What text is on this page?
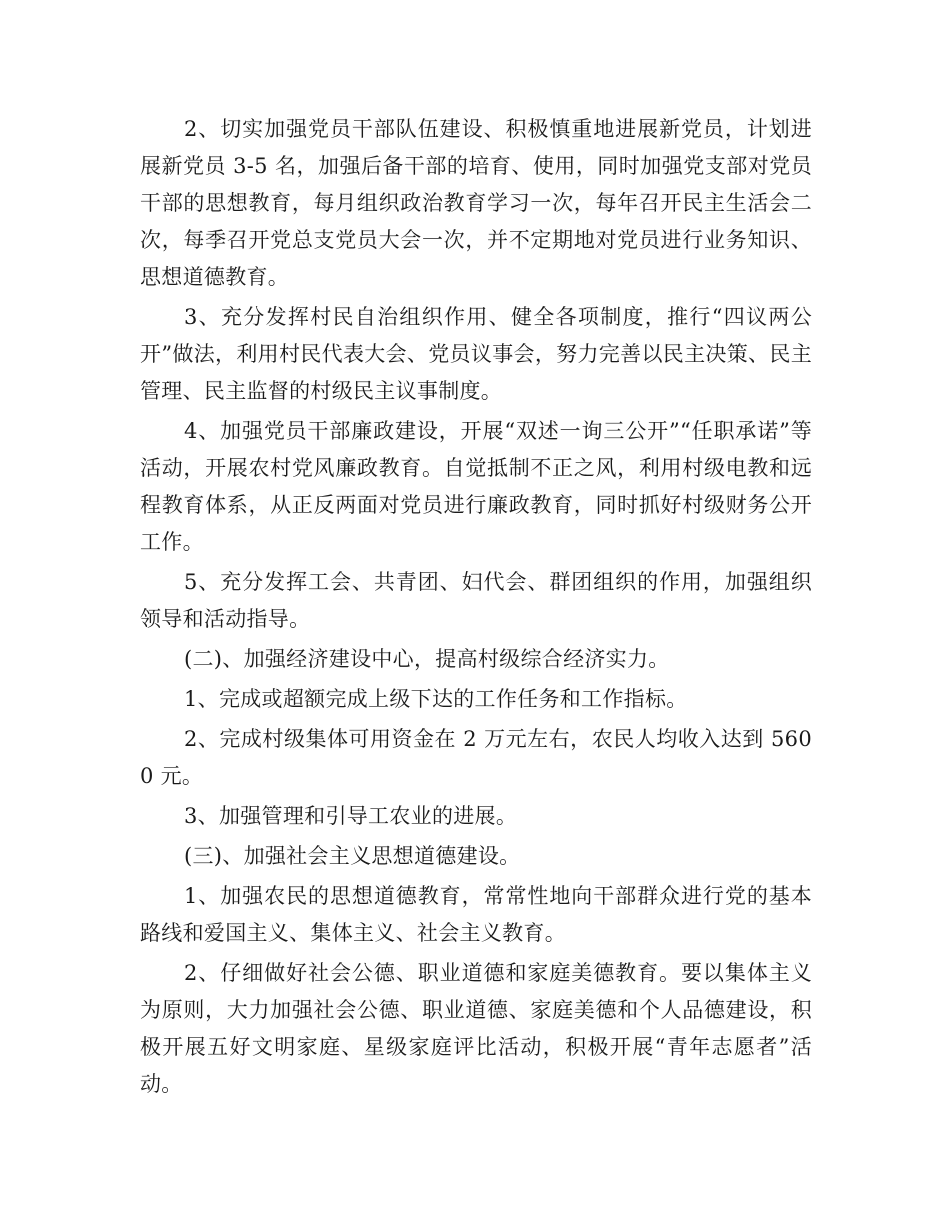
2、切实加强党员干部队伍建设、积极慎重地进展新党员，计划进展新党员 3-5 名，加强后备干部的培育、使用，同时加强党支部对党员干部的思想教育，每月组织政治教育学习一次，每年召开民主生活会二次，每季召开党总支党员大会一次，并不定期地对党员进行业务知识、思想道德教育。

3、充分发挥村民自治组织作用、健全各项制度，推行“四议两公开”做法，利用村民代表大会、党员议事会，努力完善以民主决策、民主管理、民主监督的村级民主议事制度。

4、加强党员干部廉政建设，开展“双述一询三公开”“任职承诺”等活动，开展农村党风廉政教育。自觉抵制不正之风，利用村级电教和远程教育体系，从正反两面对党员进行廉政教育，同时抓好村级财务公开工作。

5、充分发挥工会、共青团、妇代会、群团组织的作用，加强组织领导和活动指导。

(二)、加强经济建设中心，提高村级综合经济实力。

1、完成或超额完成上级下达的工作任务和工作指标。

2、完成村级集体可用资金在 2 万元左右，农民人均收入达到 5600 元。

3、加强管理和引导工农业的进展。

(三)、加强社会主义思想道德建设。

1、加强农民的思想道德教育，常常性地向干部群众进行党的基本路线和爱国主义、集体主义、社会主义教育。

2、仔细做好社会公德、职业道德和家庭美德教育。要以集体主义为原则，大力加强社会公德、职业道德、家庭美德和个人品德建设，积极开展五好文明家庭、星级家庭评比活动，积极开展“青年志愿者”活动。
